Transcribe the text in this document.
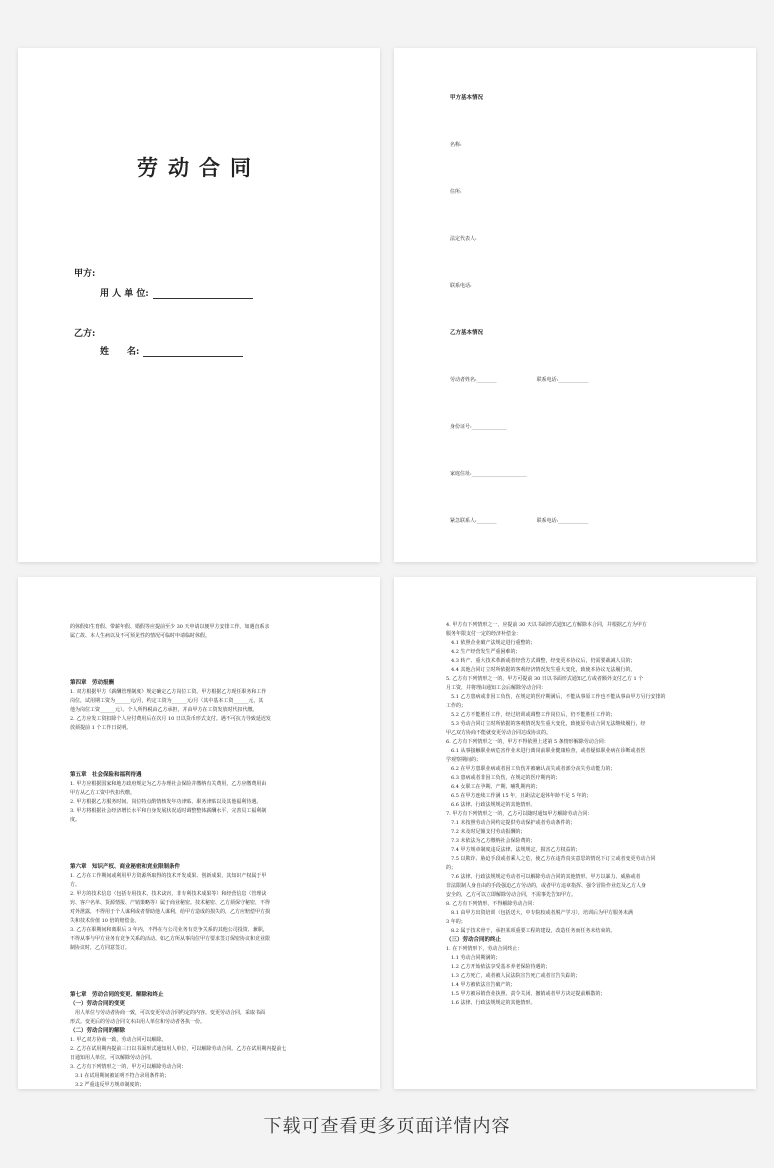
劳动合同
甲方:
用 人 单 位:
乙方:
姓　　名:

甲方基本情况

名称:

住所:

法定代表人:

联系电话:

乙方基本情况

劳动者姓名:________　　　　　　　　联系电话:____________

身份证号:______________

家庭住址:______________________

紧急联系人:________　　　　　　　　联系电话:____________

的休假如生育假、带薪年假、婚假等应提前至少 30 天申请以便甲方安排工作。如遇直系亲

属亡故、本人生病以及不可预见性的情况可临时申请临时休假。

第四章　劳动报酬

1. 双方根据甲方《薪酬管理制度》规定确定乙方岗位工资。甲方根据乙方现任职务和工作

岗位，试用期工资为______元/月，约定工资为______元/月（其中基本工资______元，其

他为岗位工资______元）。个人所得税由乙方承担，并由甲方在工资发放时代扣代缴。

2. 乙方应发工资扣除个人应付费用后在次月 10 日以货币形式支付。遇不可抗力导致延迟发

放须提前 1 个工作日说明。

第五章　社会保险和福利待遇

1. 甲方应根据国家和地方政府规定为乙方办理社会保险并缴纳有关费用，乙方应缴费用由

甲方从乙方工资中代扣代缴。

2. 甲方根据乙方服务时间、岗位特点酌情核发年功津贴、职务津贴以及其他福利待遇。

3. 甲方将根据社会经济增长水平和自身发展状况适时调整整体薪酬水平，完善员工福利制

度。

第六章　知识产权、商业秘密和竞业限制条件

1. 乙方在工作期间或利用甲方资源所取得的技术开发成果、创新成果，其知识产权属于甲

方。

2. 甲方的技术信息（包括专用技术，技术诀窍，非专利技术成果等）和经营信息（管理诀

窍、客户名单、货源情报、产销策略等）属于商业秘密。技术秘密、乙方须保守秘密，不得

对外泄露，不得用于个人谋利或者帮助他人谋利，给甲方造成的损失的，乙方应赔偿甲方损

失和技术价值 10 倍的赔偿金。

3. 乙方在职期间和离职后 3 年内，不得在与公司业务有竞争关系的其他公司投资、兼职，

不得从事与甲方业务有竞争关系的活动。如乙方所从事岗位甲方要求签订保密协议和竞业限

制协议时，乙方同意签订。

第七章　劳动合同的变更、解除和终止

（一）劳动合同的变更

　用人单位与劳动者协商一致，可以变更劳动合同约定的内容。变更劳动合同，采取书面

形式。变更后的劳动合同文本由用人单位和劳动者各执一份。

（二）劳动合同的解除

1. 甲乙双方协商一致，劳动合同可以解除。

2. 乙方在试用期内提前三日以书面形式通知用人单位，可以解除劳动合同。乙方在试用期内提前七

日通知用人单位，可以解除劳动合同。

3. 乙方有下列情形之一的，甲方可以解除劳动合同：

　3.1 在试用期间被证明不符合录用条件的；

　3.2 严重违反甲方规章制度的；

4. 甲方有下列情形之一，应提前 30 天以书面形式通知乙方解除本合同，并根据乙方为甲方

服务年限支付一定的经济补偿金：

　4.1 依照企业破产法规定进行重整的；

　4.2 生产经营发生严重困难的；

　4.3 转产、重大技术革新或者经营方式调整，经变更本协议后，仍需要裁减人员的；

　4.4 其他合同订立时所依据的客观经济情况发生重大变化，致使本协议无法履行的。

5. 乙方有下列情形之一的，甲方可提前 30 日以书面形式通知乙方或者额外支付乙方 1 个

月工资，并将理由通知工会后解除劳动合同：

　5.1 乙方患病或非因工负伤，在规定的医疗期满后，不能从事原工作也不能从事由甲方另行安排的

工作的；

　5.2 乙方不能胜任工作，经过培训或调整工作岗位后，仍不能胜任工作的；

　5.3 劳动合同订立时所依据的客观情况发生重大变化，致使原劳动合同无法继续履行，经

甲乙双方协商不能就变更劳动合同达成协议的。

6. 乙方有下列情形之一的，甲方不得依照上述第 5 条情形解除劳动合同：

　6.1 从事接触职业病危害作业未进行离岗前职业健康检查，或者疑似职业病在诊断或者医

学观察期间的；

　6.2 在甲方患职业病或者因工负伤并被确认丧失或者部分丧失劳动能力的；

　6.3 患病或者非因工负伤，在规定的医疗期内的；

　6.4 女职工在孕期、产期、哺乳期内的；

　6.5 在甲方连续工作满 15 年，且距法定退休年龄不足 5 年的；

　6.6 法律、行政法规规定的其他情形。

7. 甲方有下列情形之一的，乙方可以随时通知甲方解除劳动合同：

　7.1 未按照劳动合同约定提供劳动保护或者劳动条件的；

　7.2 未及时足额支付劳动报酬的；

　7.3 未依法为乙方缴纳社会保险费的；

　7.4 甲方规章制度违反法律、法规规定，损害乙方权益的；

　7.5 以欺诈、胁迫手段或者乘人之危，使乙方在违背真实意思的情况下订立或者变更劳动合同

的；

　7.6 法律、行政法规规定劳动者可以解除劳动合同的其他情形。甲方以暴力、威胁或者

非法限制人身自由的手段强迫乙方劳动的，或者甲方违章指挥、强令冒险作业危及乙方人身

安全的，乙方可以立即解除劳动合同，不需事先告知甲方。

8. 乙方有下列情形，不得解除劳动合同：

　8.1 由甲方出资培训（包括送大，中专院校或者脱产学习），培训后为甲方服务未满

3 年的；

　8.2 属于技术骨干，承担某项重要工程的建设，改造任务而任务未结束的。

（三）劳动合同的终止

1. 在下列情形下，劳动合同终止：

　1.1 劳动合同期满的；

　1.2 乙方开始依法享受基本养老保险待遇的；

　1.3 乙方死亡，或者被人民法院宣告死亡或者宣告失踪的；

　1.4 甲方被依法宣告破产的；

　1.5 甲方被吊销营业执照、责令关闭、撤销或者甲方决定提前解散的；

　1.6 法律、行政法规规定的其他情形。

下载可查看更多页面详情内容
